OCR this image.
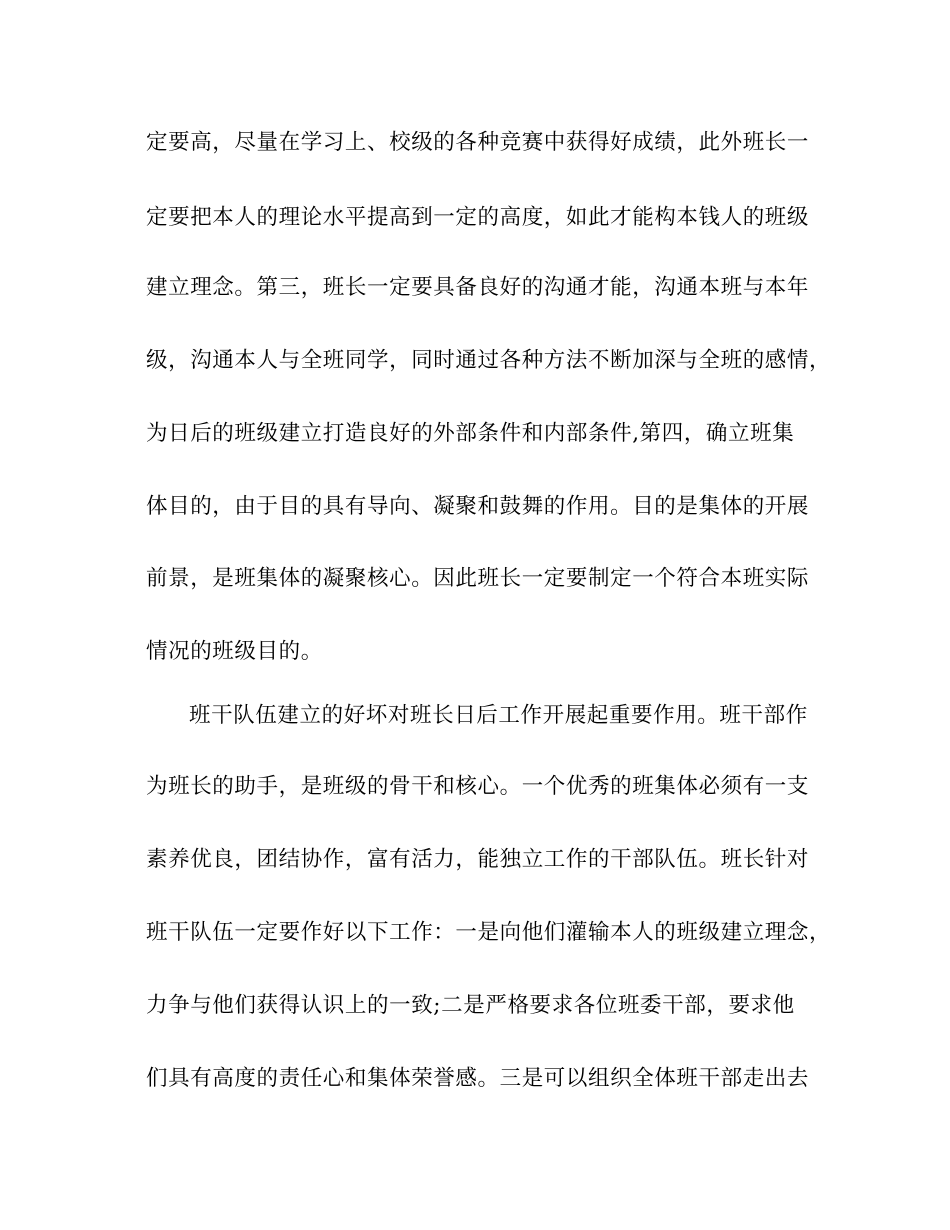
定要高，尽量在学习上、校级的各种竞赛中获得好成绩，此外班长一
定要把本人的理论水平提高到一定的高度，如此才能构本钱人的班级
建立理念。第三，班长一定要具备良好的沟通才能，沟通本班与本年
级，沟通本人与全班同学，同时通过各种方法不断加深与全班的感情，
为日后的班级建立打造良好的外部条件和内部条件,第四，确立班集
体目的，由于目的具有导向、凝聚和鼓舞的作用。目的是集体的开展
前景，是班集体的凝聚核心。因此班长一定要制定一个符合本班实际
情况的班级目的。
班干队伍建立的好坏对班长日后工作开展起重要作用。班干部作
为班长的助手，是班级的骨干和核心。一个优秀的班集体必须有一支
素养优良，团结协作，富有活力，能独立工作的干部队伍。班长针对
班干队伍一定要作好以下工作：一是向他们灌输本人的班级建立理念，
力争与他们获得认识上的一致;二是严格要求各位班委干部，要求他
们具有高度的责任心和集体荣誉感。三是可以组织全体班干部走出去
